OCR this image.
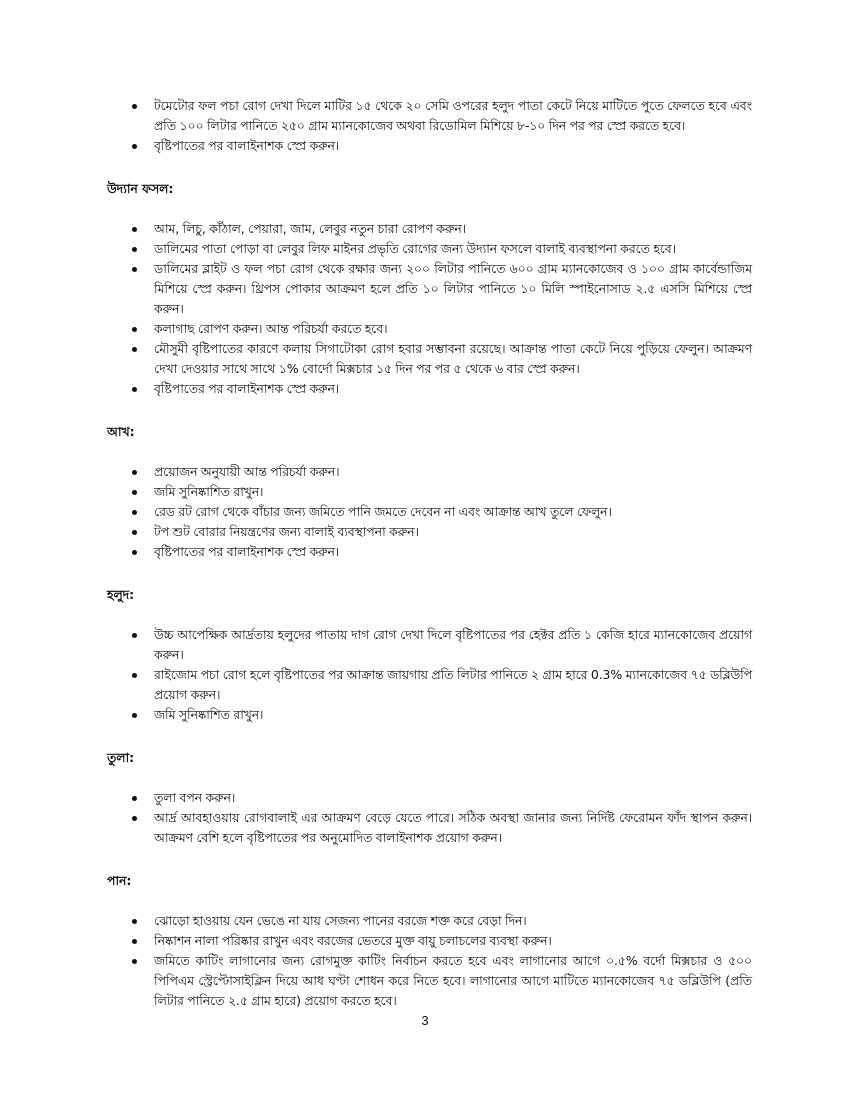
টমেটোর ফল পচা রোগ দেখা দিলে মাটির ১৫ থেকে ২০ সেমি ওপরের হলুদ পাতা কেটে নিয়ে মাটিতে পুতে ফেলতে হবে এবং প্রতি ১০০ লিটার পানিতে ২৫০ গ্রাম ম্যানকোজেব অথবা রিডোমিল মিশিয়ে ৮-১০ দিন পর পর স্প্রে করতে হবে।
বৃষ্টিপাতের পর বালাইনাশক স্প্রে করুন।
উদ্যান ফসল:
আম, লিচু, কাঁঠাল, পেয়ারা, জাম, লেবুর নতুন চারা রোপণ করুন।
ডালিমের পাতা পোড়া বা লেবুর লিফ মাইনর প্রভৃতি রোগের জন্য উদ্যান ফসলে বালাই ব্যবস্থাপনা করতে হবে।
ডালিমের ব্লাইট ও ফল পচা রোগ থেকে রক্ষার জন্য ২০০ লিটার পানিতে ৬০০ গ্রাম ম্যানকোজেব ও ১০০ গ্রাম কার্বেন্ডাজিম মিশিয়ে স্প্রে করুন। থ্রিপস পোকার আক্রমণ হলে প্রতি ১০ লিটার পানিতে ১০ মিলি স্পাইনোসাড ২.৫ এসসি মিশিয়ে স্প্রে করুন।
কলাগাছ রোপণ করুন। আন্ত পরিচর্যা করতে হবে।
মৌসুমী বৃষ্টিপাতের কারণে কলায় সিগাটোকা রোগ হবার সম্ভাবনা রয়েছে। আক্রান্ত পাতা কেটে নিয়ে পুড়িয়ে ফেলুন। আক্রমণ দেখা দেওয়ার সাথে সাথে ১% বোর্দো মিক্সচার ১৫ দিন পর পর ৫ থেকে ৬ বার স্প্রে করুন।
বৃষ্টিপাতের পর বালাইনাশক স্প্রে করুন।
আখ:
প্রয়োজন অনুযায়ী আন্ত পরিচর্যা করুন।
জমি সুনিষ্কাশিত রাখুন।
রেড রট রোগ থেকে বাঁচার জন্য জমিতে পানি জমতে দেবেন না এবং আক্রান্ত আখ তুলে ফেলুন।
টপ শুট বোরার নিয়ন্ত্রণের জন্য বালাই ব্যবস্থাপনা করুন।
বৃষ্টিপাতের পর বালাইনাশক স্প্রে করুন।
হলুদ:
উচ্চ আপেক্ষিক আর্দ্রতায় হলুদের পাতায় দাগ রোগ দেখা দিলে বৃষ্টিপাতের পর হেক্টর প্রতি ১ কেজি হারে ম্যানকোজেব প্রয়োগ করুন।
রাইজোম পচা রোগ হলে বৃষ্টিপাতের পর আক্রান্ত জায়গায় প্রতি লিটার পানিতে ২ গ্রাম হারে 0.3% ম্যানকোজেব ৭৫ ডব্লিউপি প্রয়োগ করুন।
জমি সুনিষ্কাশিত রাখুন।
তুলা:
তুলা বপন করুন।
আর্দ্র আবহাওয়ায় রোগবালাই এর আক্রমণ বেড়ে যেতে পারে। সঠিক অবস্থা জানার জন্য নির্দিষ্ট ফেরোমন ফাঁদ স্থাপন করুন। আক্রমণ বেশি হলে বৃষ্টিপাতের পর অনুমোদিত বালাইনাশক প্রয়োগ করুন।
পান:
ঝোড়ো হাওয়ায় যেন ভেঙে না যায় সেজন্য পানের বরজে শক্ত করে বেড়া দিন।
নিষ্কাশন নালা পরিষ্কার রাখুন এবং বরজের ভেতরে মুক্ত বায়ু চলাচলের ব্যবস্থা করুন।
জমিতে কাটিং লাগানোর জন্য রোগমুক্ত কাটিং নির্বাচন করতে হবে এবং লাগানোর আগে ০.৫% বর্দো মিক্সচার ও ৫০০ পিপিএম স্ট্রেপ্টোসাইক্লিন দিয়ে আধ ঘণ্টা শোধন করে নিতে হবে। লাগানোর আগে মাটিতে ম্যানকোজেব ৭৫ ডব্লিউপি (প্রতি লিটার পানিতে ২.৫ গ্রাম হারে) প্রয়োগ করতে হবে।
3
